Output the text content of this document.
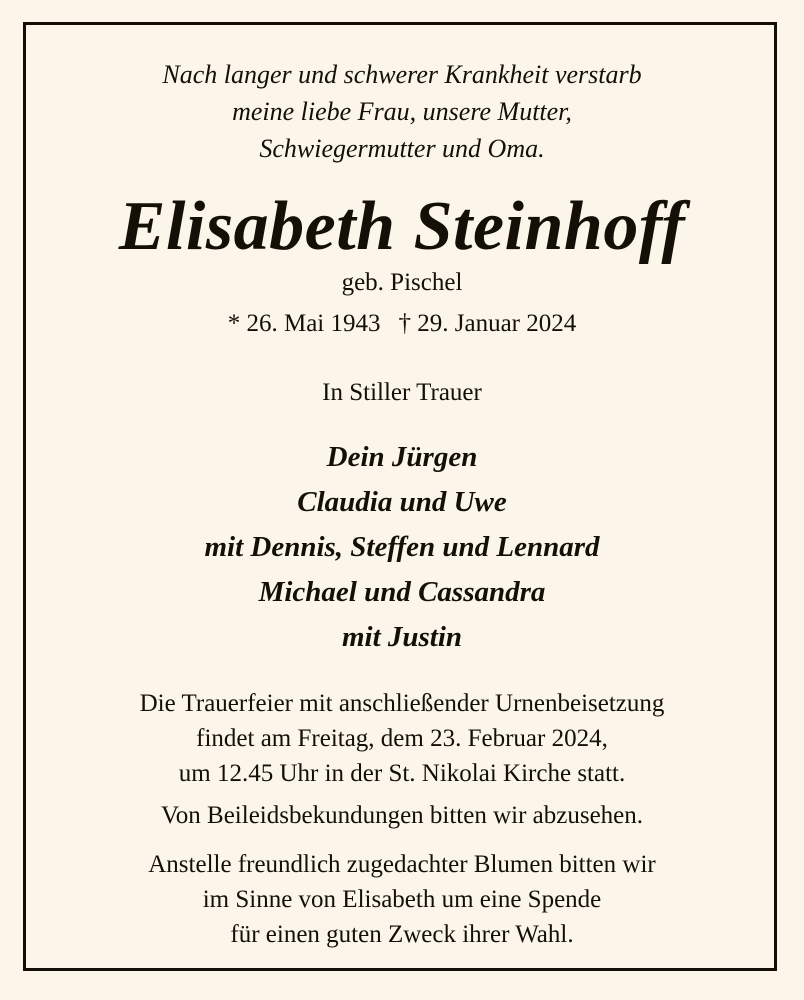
Nach langer und schwerer Krankheit verstarb
meine liebe Frau, unsere Mutter,
Schwiegermutter und Oma.
Elisabeth Steinhoff
geb. Pischel
* 26. Mai 1943 † 29. Januar 2024
In Stiller Trauer
Dein Jürgen
Claudia und Uwe
mit Dennis, Steffen und Lennard
Michael und Cassandra
mit Justin
Die Trauerfeier mit anschließender Urnenbeisetzung
findet am Freitag, dem 23. Februar 2024,
um 12.45 Uhr in der St. Nikolai Kirche statt.
Von Beileidsbekundungen bitten wir abzusehen.
Anstelle freundlich zugedachter Blumen bitten wir
im Sinne von Elisabeth um eine Spende
für einen guten Zweck ihrer Wahl.
